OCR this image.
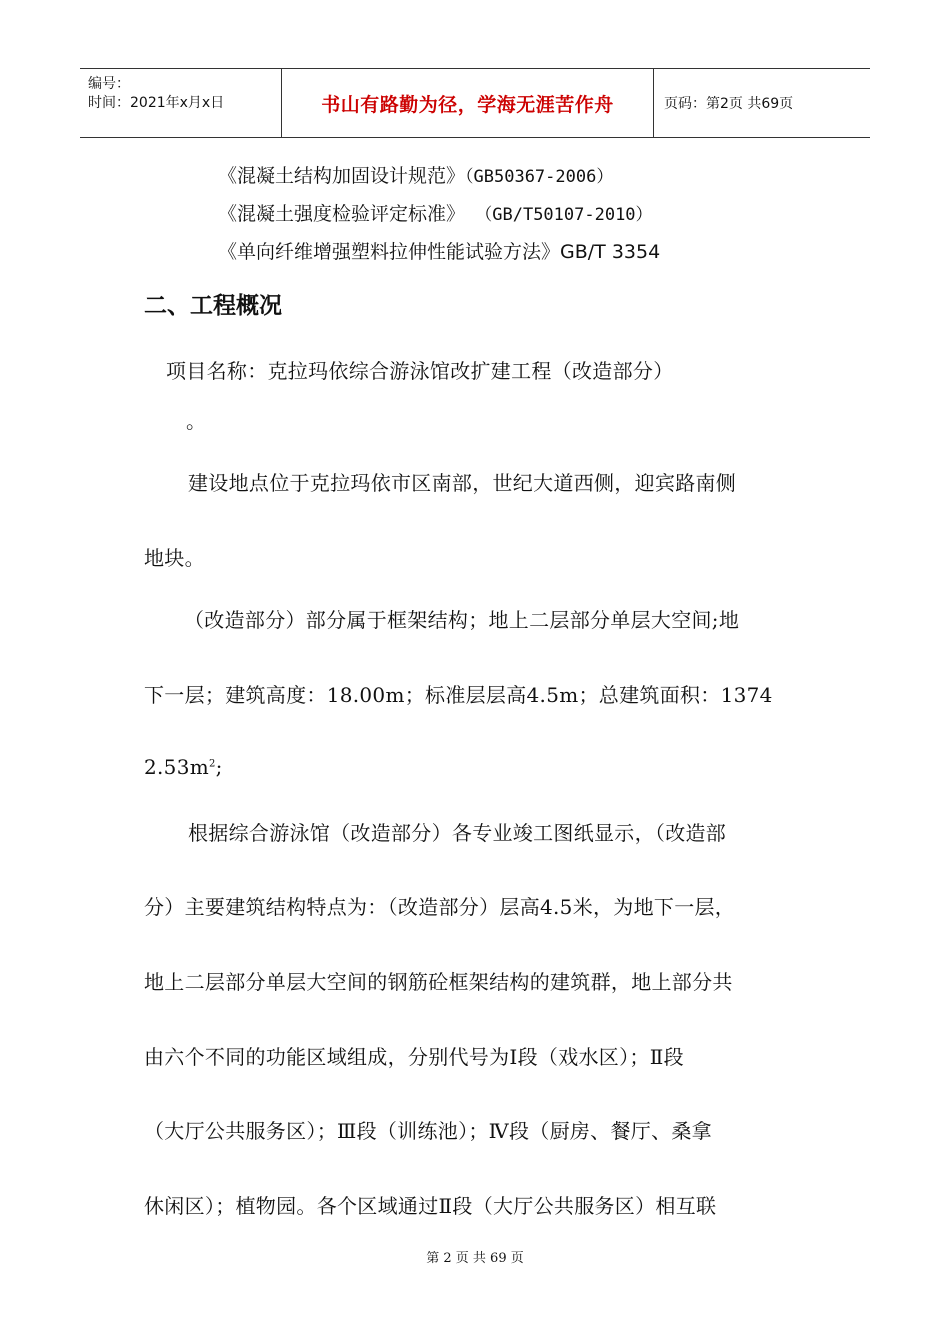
编号：
时间：2021年x月x日	书山有路勤为径，学海无涯苦作舟	页码：第2页 共69页
《混凝土结构加固设计规范》（GB50367-2006）
《混凝土强度检验评定标准》 （GB/T50107-2010）
《单向纤维增强塑料拉伸性能试验方法》GB/T 3354
二、工程概况
项目名称：克拉玛依综合游泳馆改扩建工程（改造部分）
。
建设地点位于克拉玛依市区南部，世纪大道西侧，迎宾路南侧
地块。
（改造部分）部分属于框架结构；地上二层部分单层大空间;地
下一层；建筑高度：18.00m；标准层层高4.5m；总建筑面积：1374
$2.53m^2$;
根据综合游泳馆（改造部分）各专业竣工图纸显示，（改造部
分）主要建筑结构特点为：（改造部分）层高4.5米，为地下一层，
地上二层部分单层大空间的钢筋砼框架结构的建筑群，地上部分共
由六个不同的功能区域组成，分别代号为Ⅰ段（戏水区）；Ⅱ段
（大厅公共服务区）；Ⅲ段（训练池）；Ⅳ段（厨房、餐厅、桑拿
休闲区）；植物园。各个区域通过Ⅱ段（大厅公共服务区）相互联
第 2 页 共 69 页
